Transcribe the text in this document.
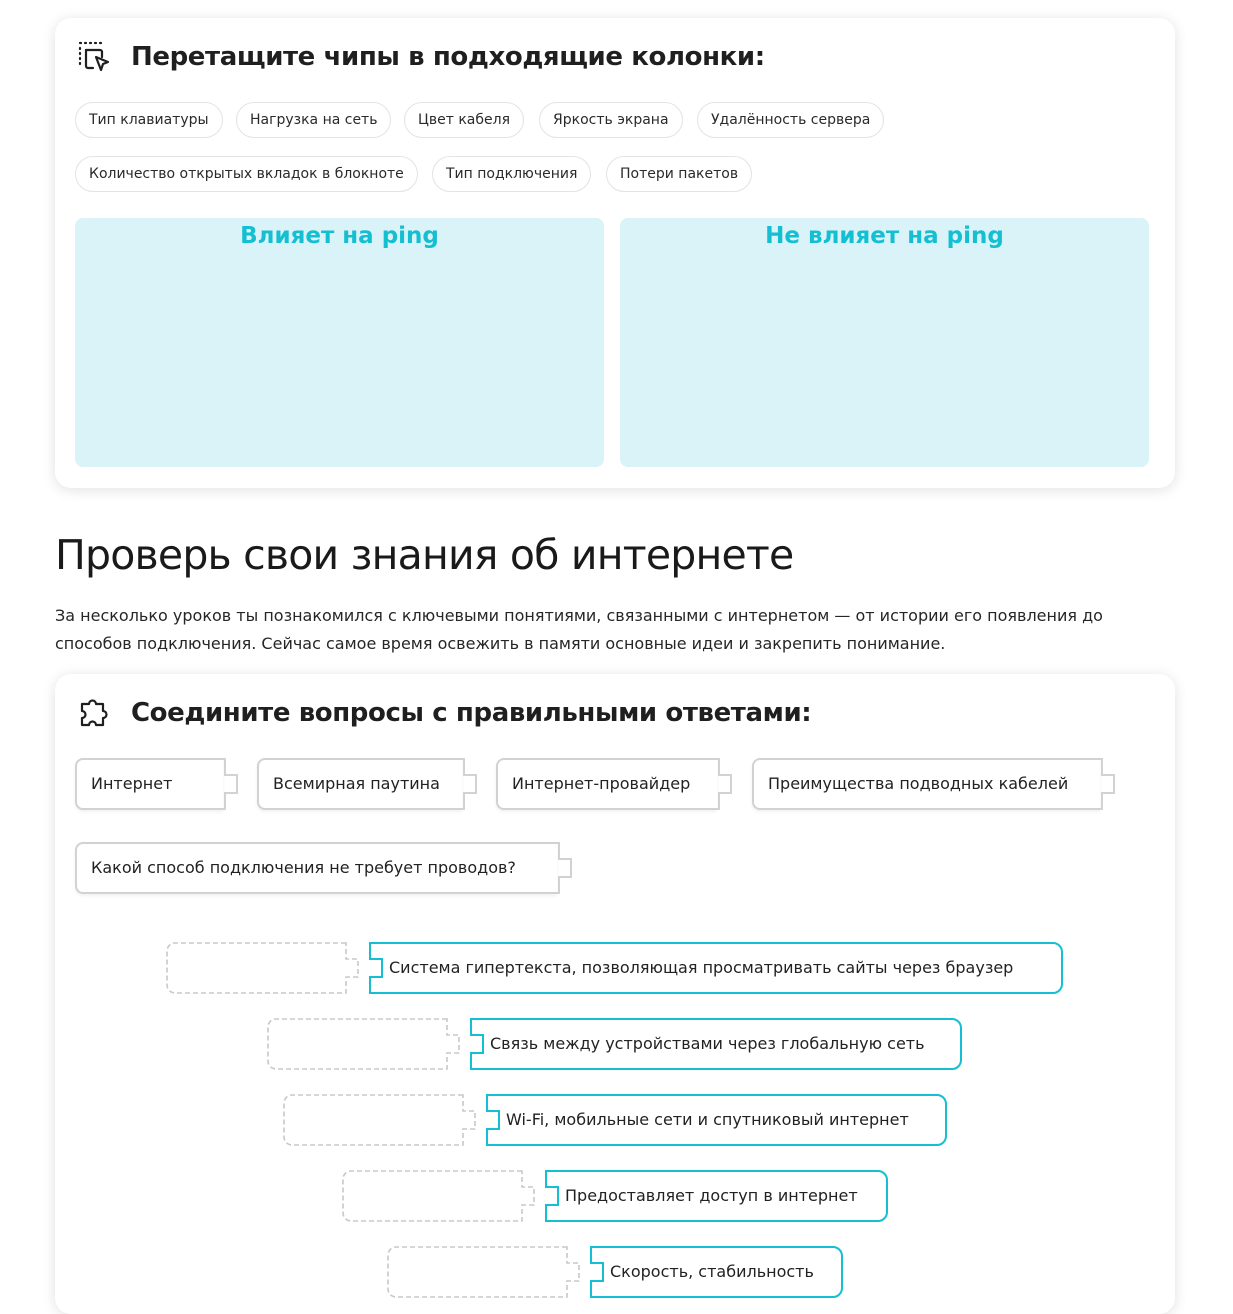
Перетащите чипы в подходящие колонки:
Тип клавиатуры	Нагрузка на сеть	Цвет кабеля	Яркость экрана	Удалённость сервера
Количество открытых вкладок в блокноте	Тип подключения	Потери пакетов
Влияет на ping	Не влияет на ping
Проверь свои знания об интернете

За несколько уроков ты познакомился с ключевыми понятиями, связанными с интернетом — от истории его появления до способов подключения. Сейчас самое время освежить в памяти основные идеи и закрепить понимание.

Соедините вопросы с правильными ответами:
Интернет	Всемирная паутина	Интернет-провайдер	Преимущества подводных кабелей
Какой способ подключения не требует проводов?
Система гипертекста, позволяющая просматривать сайты через браузер
Связь между устройствами через глобальную сеть
Wi-Fi, мобильные сети и спутниковый интернет
Предоставляет доступ в интернет
Скорость, стабильность
